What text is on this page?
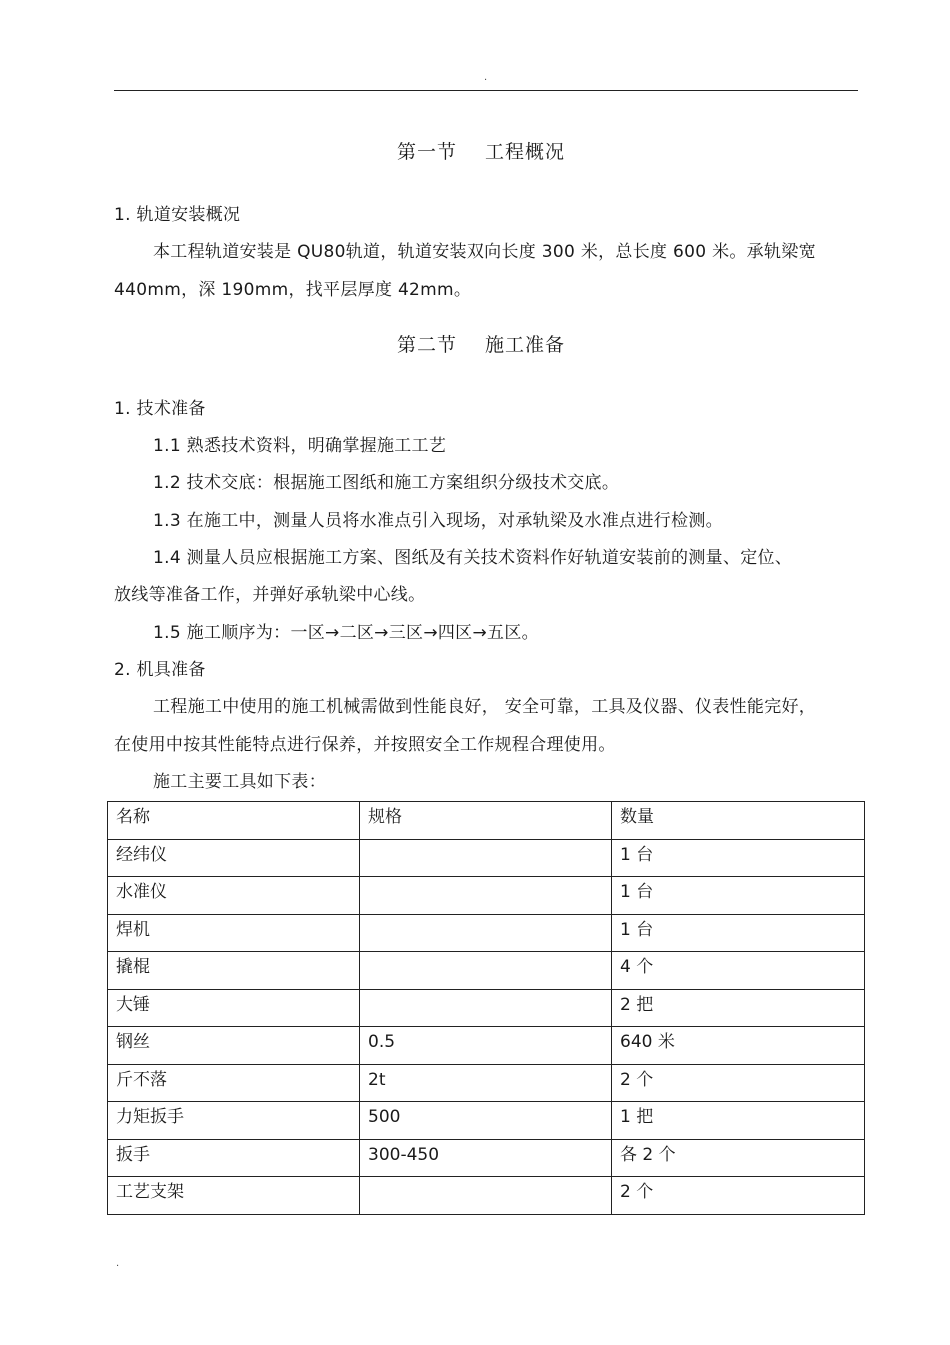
.
第一节 工程概况
1. 轨道安装概况
本工程轨道安装是 QU80轨道，轨道安装双向长度 300 米，总长度 600 米。承轨梁宽
440mm，深 190mm，找平层厚度 42mm。
第二节 施工准备
1. 技术准备
1.1 熟悉技术资料，明确掌握施工工艺
1.2 技术交底：根据施工图纸和施工方案组织分级技术交底。
1.3 在施工中，测量人员将水准点引入现场，对承轨梁及水准点进行检测。
1.4 测量人员应根据施工方案、图纸及有关技术资料作好轨道安装前的测量、定位、
放线等准备工作，并弹好承轨梁中心线。
1.5 施工顺序为：一区→二区→三区→四区→五区。
2. 机具准备
工程施工中使用的施工机械需做到性能良好， 安全可靠，工具及仪器、仪表性能完好，
在使用中按其性能特点进行保养，并按照安全工作规程合理使用。
施工主要工具如下表：
名称	规格	数量
经纬仪		1 台
水准仪		1 台
焊机		1 台
撬棍		4 个
大锤		2 把
钢丝	0.5	640 米
斤不落	2t	2 个
力矩扳手	500	1 把
扳手	300-450	各 2 个
工艺支架		2 个
.
